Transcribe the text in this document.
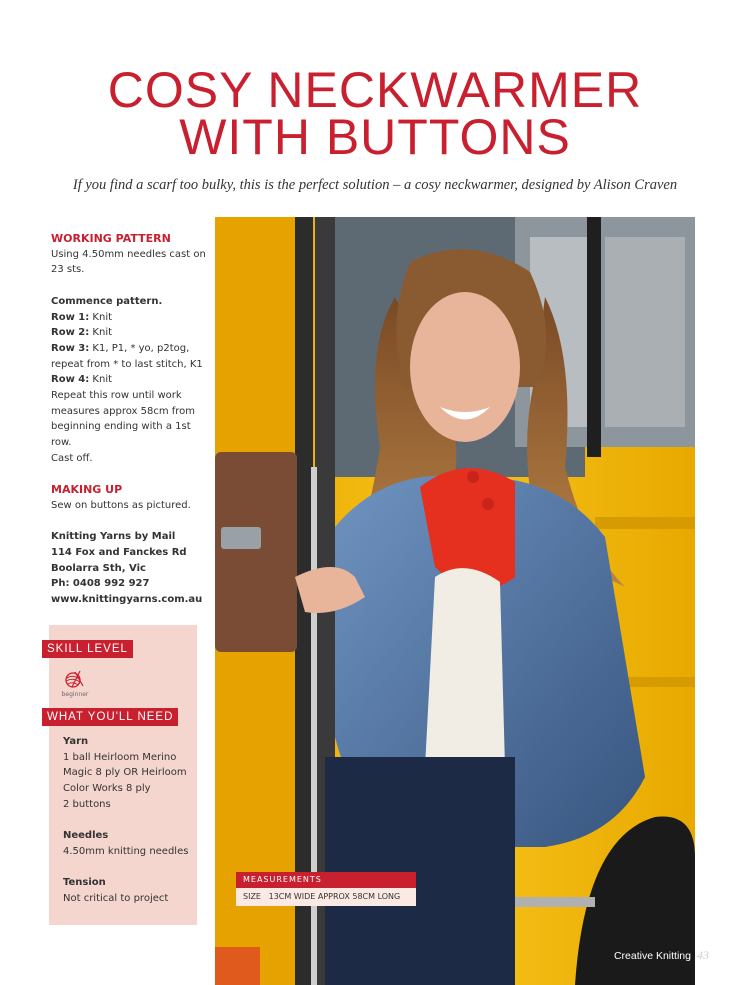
COSY NECKWARMER
WITH BUTTONS

If you find a scarf too bulky, this is the perfect solution – a cosy neckwarmer, designed by Alison Craven

WORKING PATTERN

Using 4.50mm needles cast on 23 sts.

Commence pattern.

Row 1: Knit

Row 2: Knit

Row 3: K1, P1, * yo, p2tog, repeat from * to last stitch, K1

Row 4: Knit

Repeat this row until work measures approx 58cm from beginning ending with a 1st row.

Cast off.

MAKING UP

Sew on buttons as pictured.

Knitting Yarns by Mail

114 Fox and Fanckes Rd

Boolarra Sth, Vic

Ph: 0408 992 927

www.knittingyarns.com.au

SKILL LEVEL
beginner
WHAT YOU'LL NEED

Yarn

1 ball Heirloom Merino

Magic 8 ply OR Heirloom

Color Works 8 ply

2 buttons

Needles

4.50mm knitting needles

Tension

Not critical to project

MEASUREMENTS
SIZE 13CM WIDE APPROX 58CM LONG
Creative Knitting 43
